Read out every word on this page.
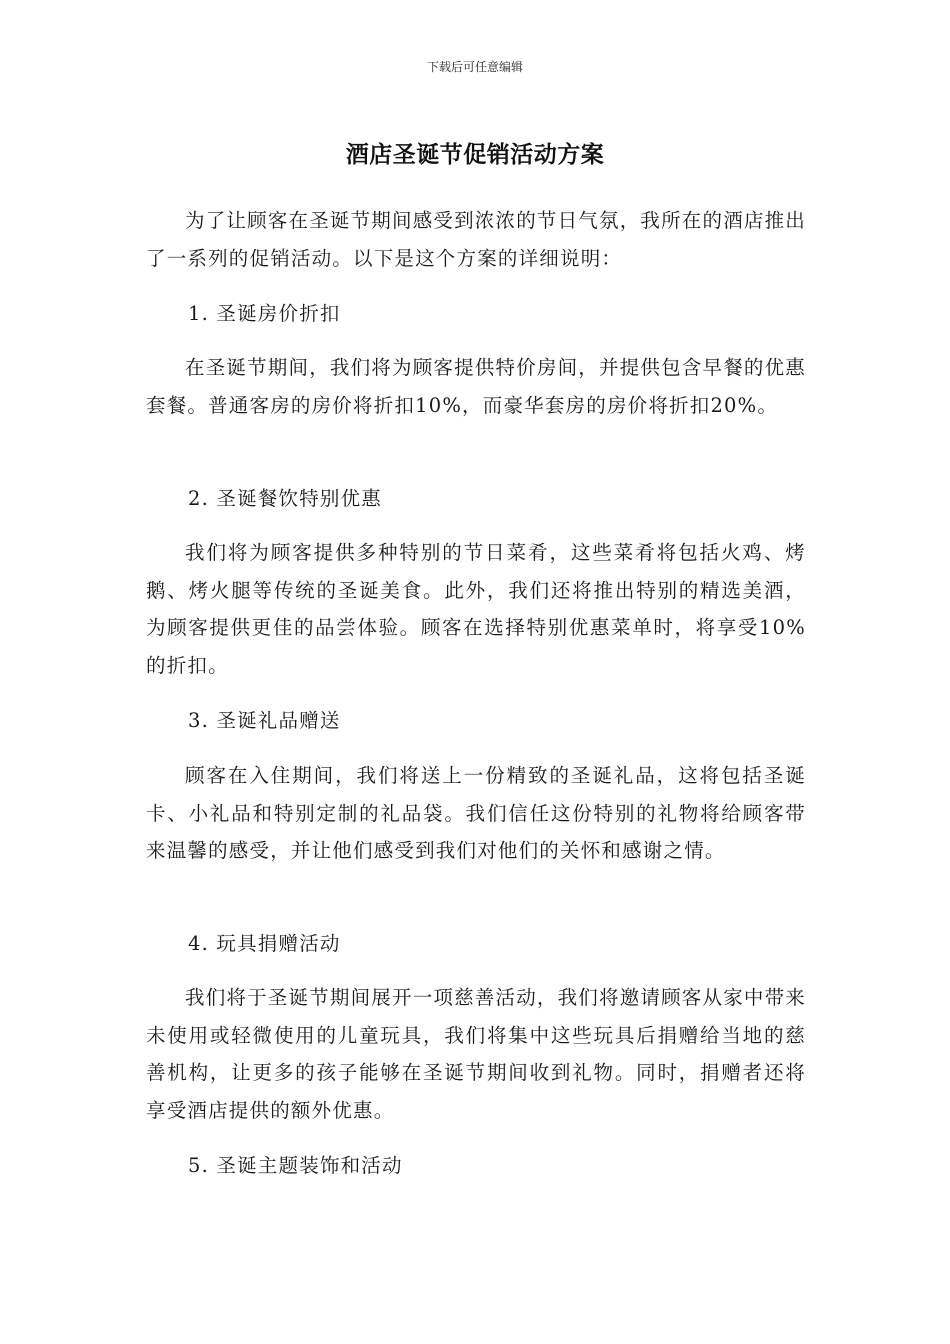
下载后可任意编辑
酒店圣诞节促销活动方案

为了让顾客在圣诞节期间感受到浓浓的节日气氛，我所在的酒店推出了一系列的促销活动。以下是这个方案的详细说明：

1. 圣诞房价折扣

在圣诞节期间，我们将为顾客提供特价房间，并提供包含早餐的优惠套餐。普通客房的房价将折扣10%，而豪华套房的房价将折扣20%。

2. 圣诞餐饮特别优惠

我们将为顾客提供多种特别的节日菜肴，这些菜肴将包括火鸡、烤鹅、烤火腿等传统的圣诞美食。此外，我们还将推出特别的精选美酒，为顾客提供更佳的品尝体验。顾客在选择特别优惠菜单时，将享受10%的折扣。

3. 圣诞礼品赠送

顾客在入住期间，我们将送上一份精致的圣诞礼品，这将包括圣诞卡、小礼品和特别定制的礼品袋。我们信任这份特别的礼物将给顾客带来温馨的感受，并让他们感受到我们对他们的关怀和感谢之情。

4. 玩具捐赠活动

我们将于圣诞节期间展开一项慈善活动，我们将邀请顾客从家中带来未使用或轻微使用的儿童玩具，我们将集中这些玩具后捐赠给当地的慈善机构，让更多的孩子能够在圣诞节期间收到礼物。同时，捐赠者还将享受酒店提供的额外优惠。

5. 圣诞主题装饰和活动
